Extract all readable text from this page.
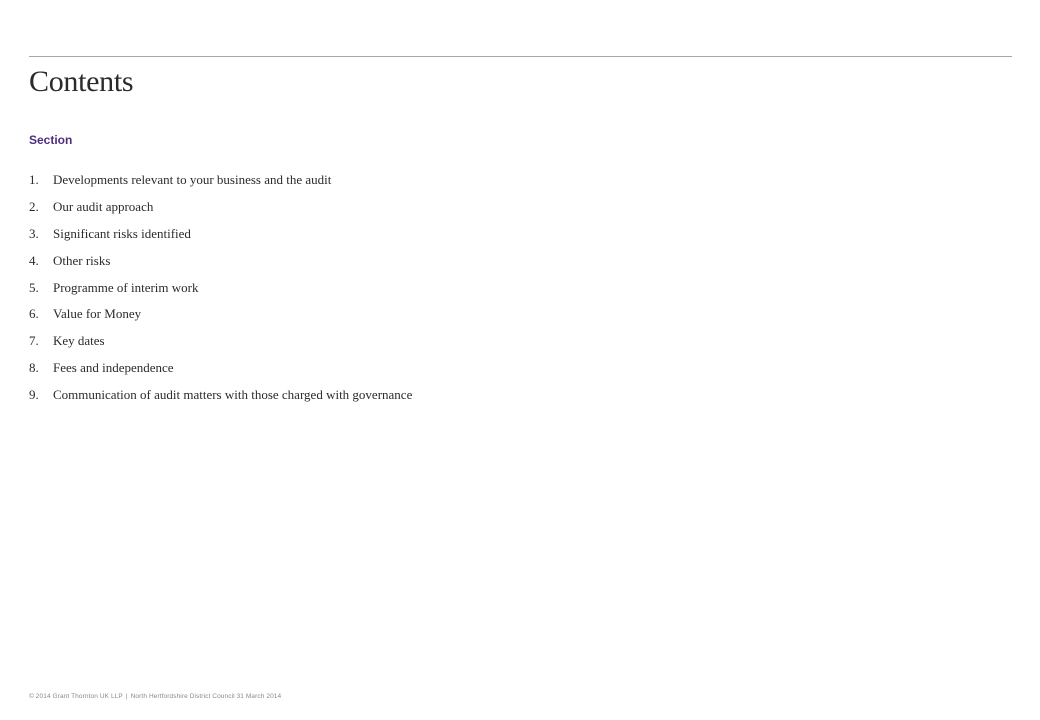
Contents
Section
1.	Developments relevant to your business and the audit
2.	Our audit approach
3.	Significant risks identified
4.	Other risks
5.	Programme of interim work
6.	Value for Money
7.	Key dates
8.	Fees and independence
9.	Communication of audit matters with those charged with governance
© 2014 Grant Thornton UK LLP | North Hertfordshire District Council 31 March 2014
